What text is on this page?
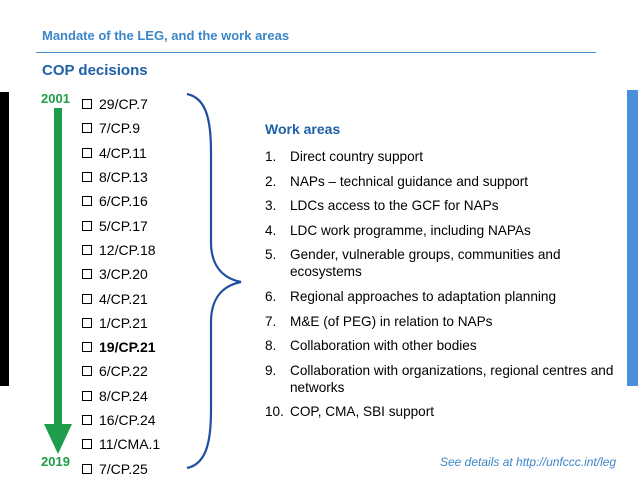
Mandate of the LEG, and the work areas
COP decisions
2001
2019
29/CP.7
7/CP.9
4/CP.11
8/CP.13
6/CP.16
5/CP.17
12/CP.18
3/CP.20
4/CP.21
1/CP.21
19/CP.21
6/CP.22
8/CP.24
16/CP.24
11/CMA.1
7/CP.25
Work areas
1.	Direct country support
2.	NAPs – technical guidance and support
3.	LDCs access to the GCF for NAPs
4.	LDC work programme, including NAPAs
5.	Gender, vulnerable groups, communities and ecosystems
6.	Regional approaches to adaptation planning
7.	M&E (of PEG) in relation to NAPs
8.	Collaboration with other bodies
9.	Collaboration with organizations, regional centres and networks
10. COP, CMA, SBI support
See details at http://unfccc.int/leg
